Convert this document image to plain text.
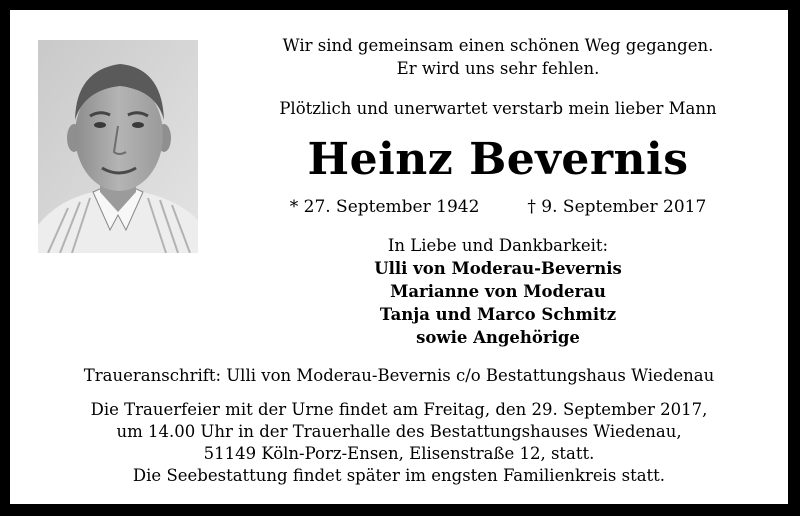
Wir sind gemeinsam einen schönen Weg gegangen.

Er wird uns sehr fehlen.

Plötzlich und unerwartet verstarb mein lieber Mann

Heinz Bevernis
* 27. September 1942	† 9. September 2017

In Liebe und Dankbarkeit:

Ulli von Moderau-Bevernis

Marianne von Moderau

Tanja und Marco Schmitz

sowie Angehörige

Traueranschrift: Ulli von Moderau-Bevernis c/o Bestattungshaus Wiedenau

Die Trauerfeier mit der Urne findet am Freitag, den 29. September 2017,

um 14.00 Uhr in der Trauerhalle des Bestattungshauses Wiedenau,

51149 Köln-Porz-Ensen, Elisenstraße 12, statt.

Die Seebestattung findet später im engsten Familienkreis statt.
